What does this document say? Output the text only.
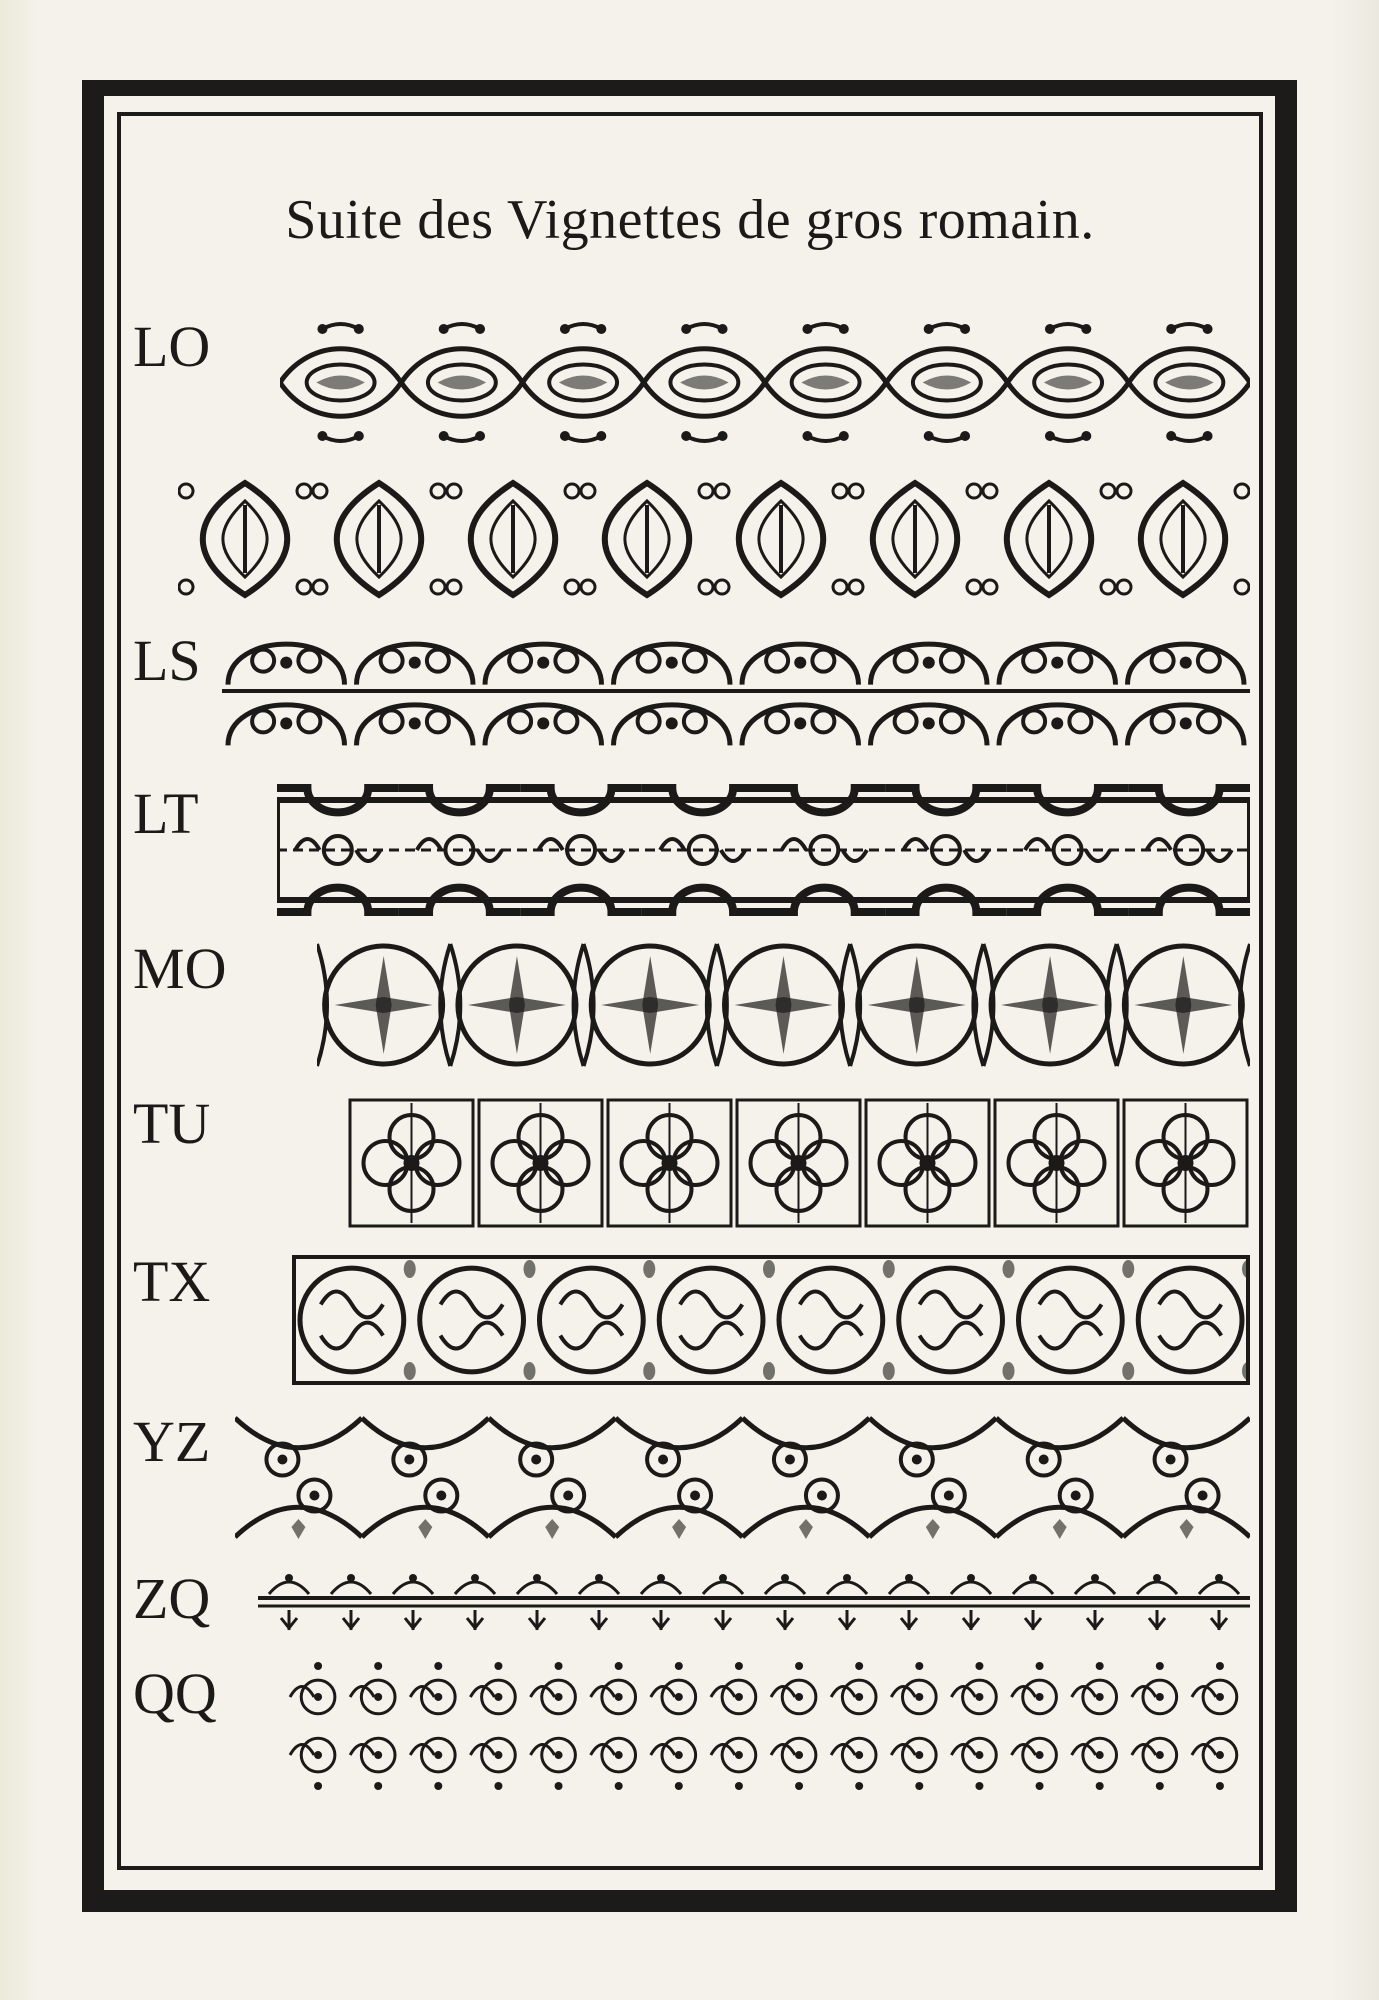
Suite des Vignettes de gros romain.
LO
LS
LT
MO
TU
TX
YZ
ZQ
QQ
